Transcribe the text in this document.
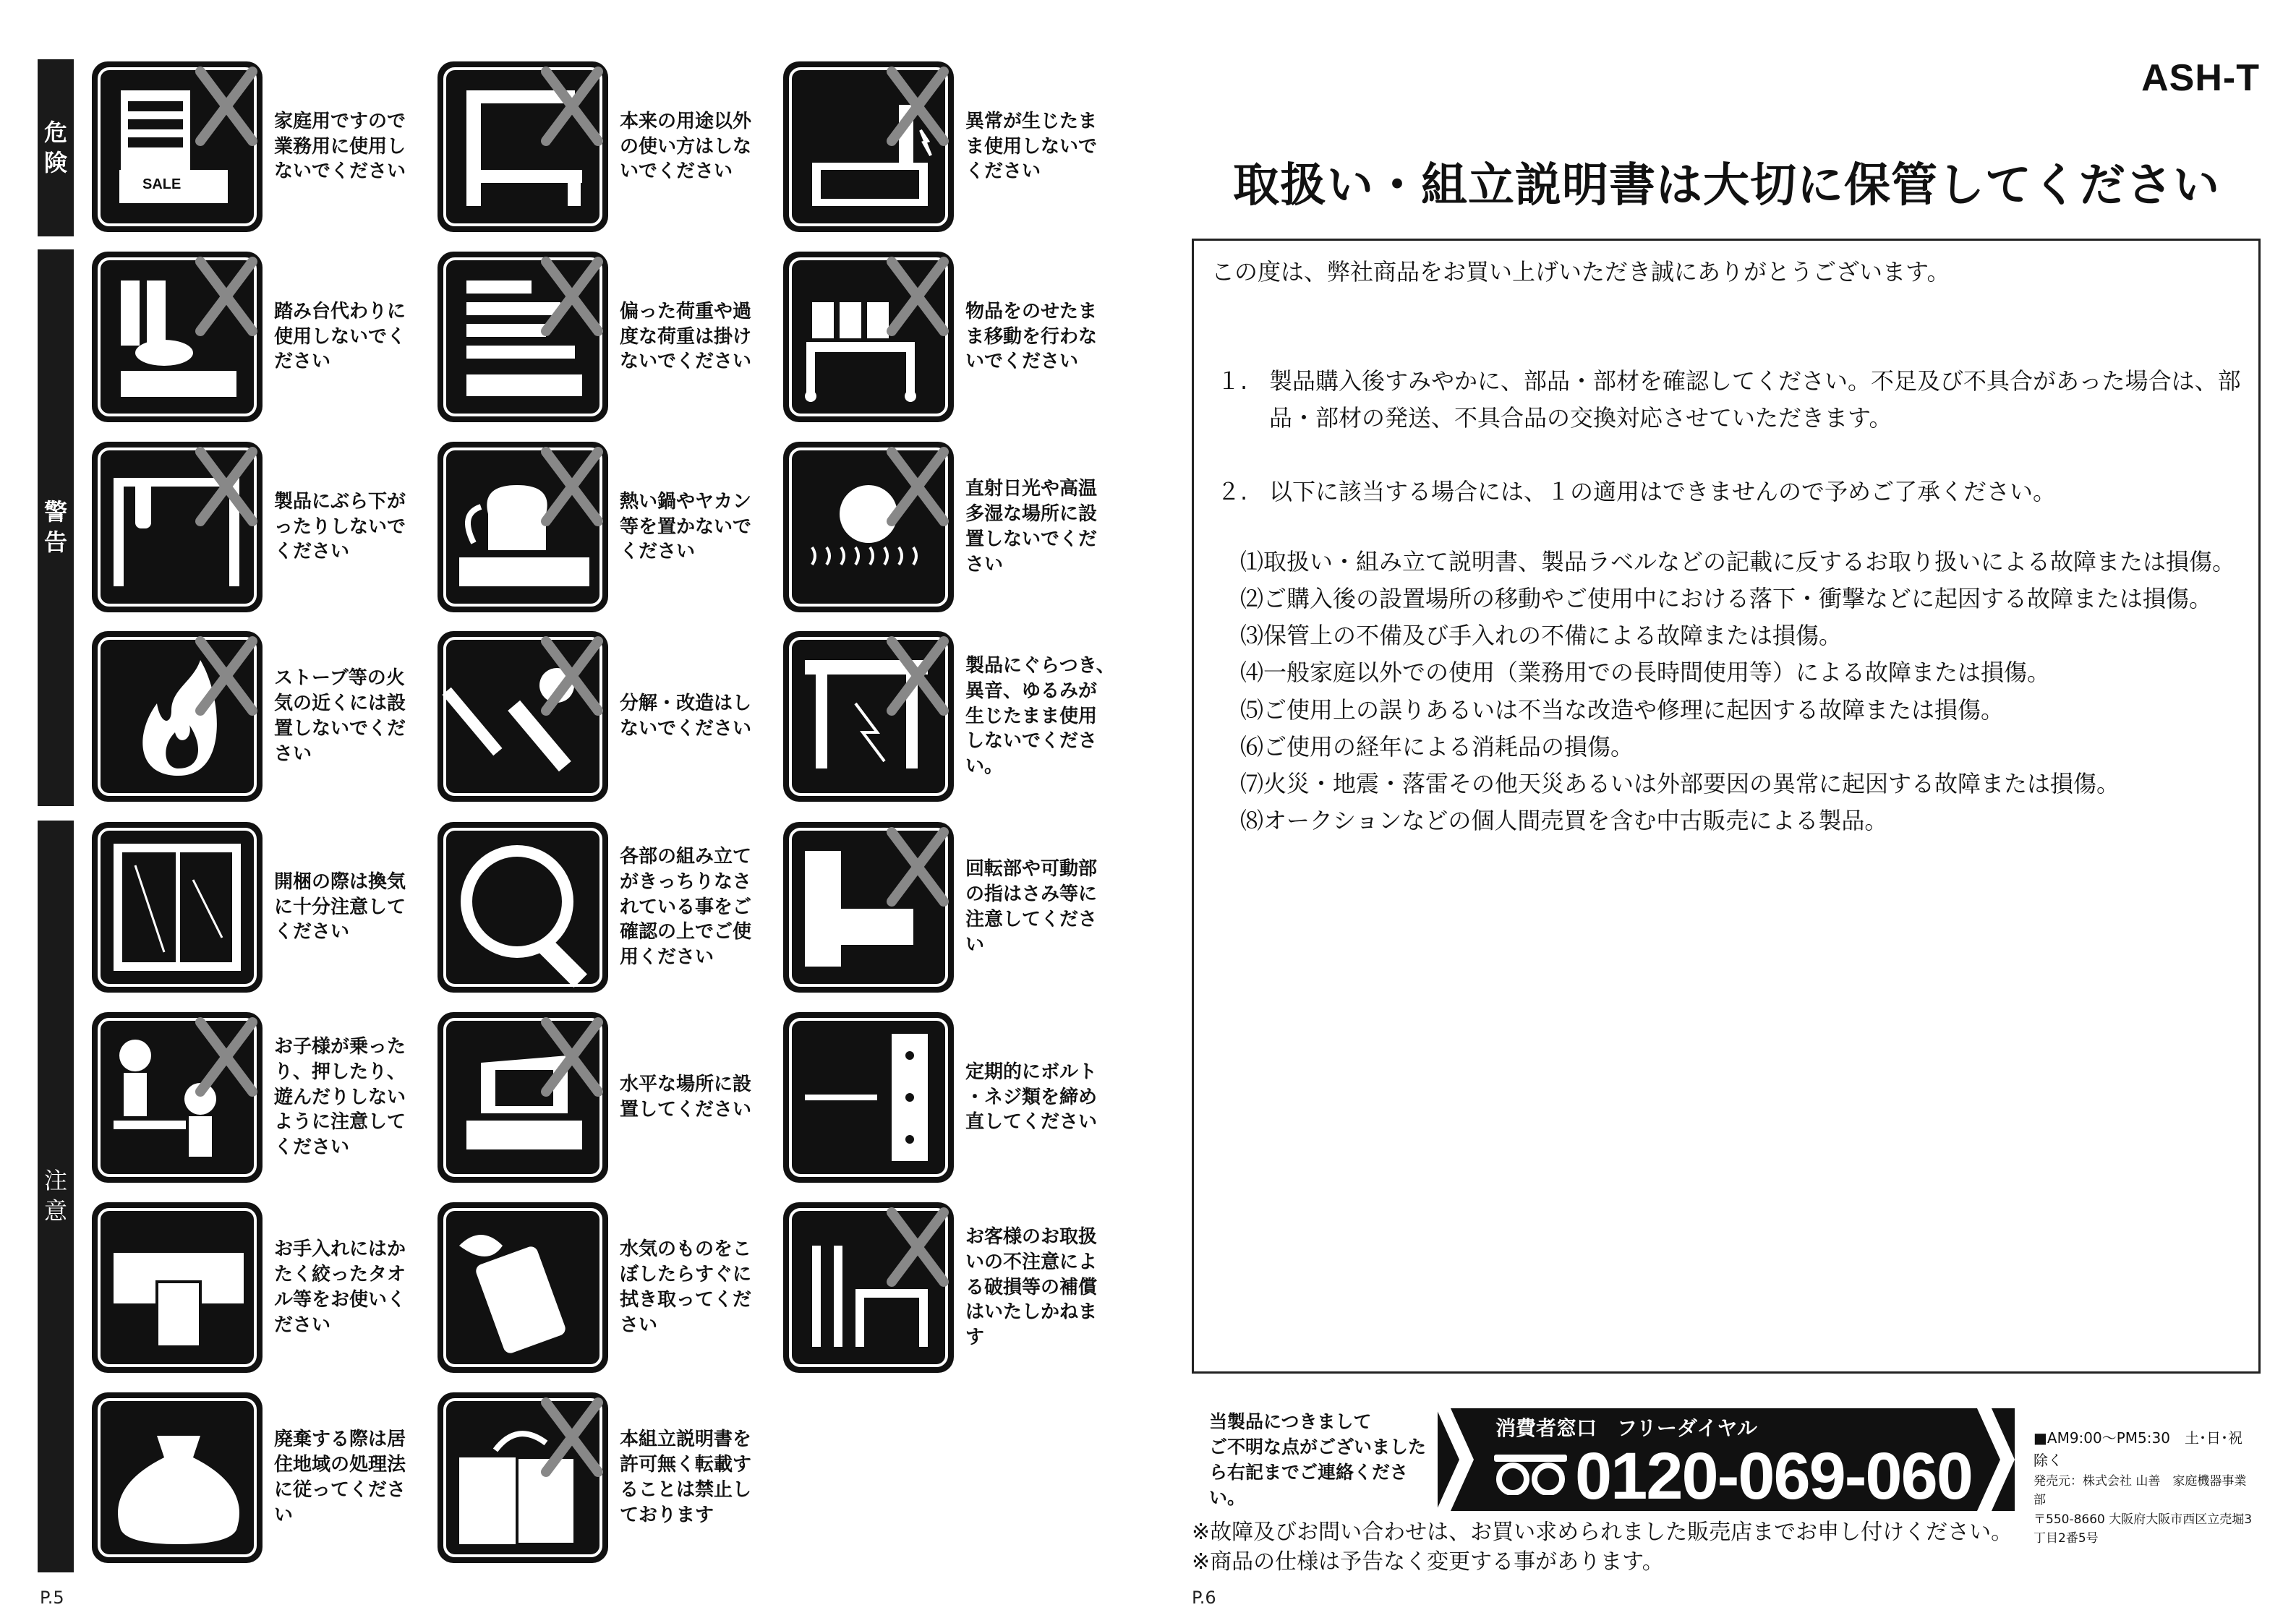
危
険
警
告
注
意
SALE
家庭用ですので
業務用に使用し
ないでください
本来の用途以外
の使い方はしな
いでください
異常が生じたま
ま使用しないで
ください
踏み台代わりに
使用しないでく
ださい
偏った荷重や過
度な荷重は掛け
ないでください
物品をのせたま
ま移動を行わな
いでください
製品にぶら下が
ったりしないで
ください
熱い鍋やヤカン
等を置かないで
ください
直射日光や高温
多湿な場所に設
置しないでくだ
さい
ストーブ等の火
気の近くには設
置しないでくだ
さい
分解・改造はし
ないでください
製品にぐらつき、
異音、ゆるみが
生じたまま使用
しないでくださ
い。
開梱の際は換気
に十分注意して
ください
各部の組み立て
がきっちりなさ
れている事をご
確認の上でご使
用ください
回転部や可動部
の指はさみ等に
注意してくださ
い
お子様が乗った
り、押したり、
遊んだりしない
ように注意して
ください
水平な場所に設
置してください
定期的にボルト
・ネジ類を締め
直してください
お手入れにはか
たく絞ったタオ
ル等をお使いく
ださい
水気のものをこ
ぼしたらすぐに
拭き取ってくだ
さい
お客様のお取扱
いの不注意によ
る破損等の補償
はいたしかねま
す
廃棄する際は居
住地域の処理法
に従ってくださ
い
本組立説明書を
許可無く転載す
ることは禁止し
ております
P.5
ASH-T
取扱い・組立説明書は大切に保管してください

この度は、弊社商品をお買い上げいただき誠にありがとうございます。

１. 製品購入後すみやかに、部品・部材を確認してください。不足及び不具合があった場合は、部品・部材の発送、不具合品の交換対応させていただきます。
２. 以下に該当する場合には、１の適用はできませんので予めご了承ください。
⑴取扱い・組み立て説明書、製品ラベルなどの記載に反するお取り扱いによる故障または損傷。
⑵ご購入後の設置場所の移動やご使用中における落下・衝撃などに起因する故障または損傷。
⑶保管上の不備及び手入れの不備による故障または損傷。
⑷一般家庭以外での使用（業務用での長時間使用等）による故障または損傷。
⑸ご使用上の誤りあるいは不当な改造や修理に起因する故障または損傷。
⑹ご使用の経年による消耗品の損傷。
⑺火災・地震・落雷その他天災あるいは外部要因の異常に起因する故障または損傷。
⑻オークションなどの個人間売買を含む中古販売による製品。
当製品につきまして
ご不明な点がございました
ら右記までご連絡ください。
消費者窓口　フリーダイヤル
0120-069-060
■AM9:00〜PM5:30　土･日･祝除く
発売元：株式会社 山善　家庭機器事業部
〒550-8660 大阪府大阪市西区立売堀3丁目2番5号
※故障及びお問い合わせは、お買い求められました販売店までお申し付けください。
※商品の仕様は予告なく変更する事があります。
P.6
